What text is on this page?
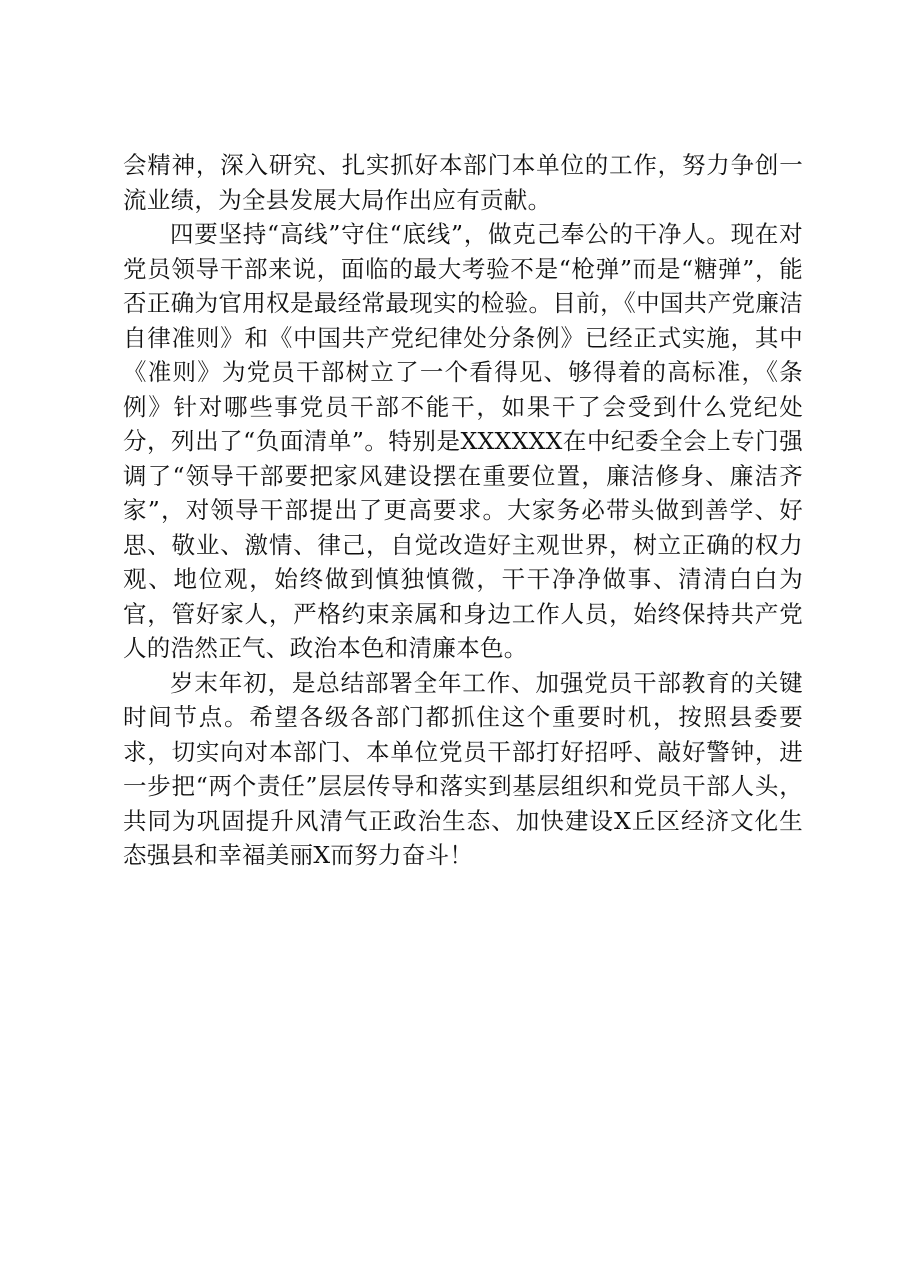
会精神，深入研究、扎实抓好本部门本单位的工作，努力争创一流业绩，为全县发展大局作出应有贡献。

四要坚持“高线”守住“底线”，做克己奉公的干净人。现在对党员领导干部来说，面临的最大考验不是“枪弹”而是“糖弹”，能否正确为官用权是最经常最现实的检验。目前，《中国共产党廉洁自律准则》和《中国共产党纪律处分条例》已经正式实施，其中《准则》为党员干部树立了一个看得见、够得着的高标准，《条例》针对哪些事党员干部不能干，如果干了会受到什么党纪处分，列出了“负面清单”。特别是XXXXXX在中纪委全会上专门强调了“领导干部要把家风建设摆在重要位置，廉洁修身、廉洁齐家”，对领导干部提出了更高要求。大家务必带头做到善学、好思、敬业、激情、律己，自觉改造好主观世界，树立正确的权力观、地位观，始终做到慎独慎微，干干净净做事、清清白白为官，管好家人，严格约束亲属和身边工作人员，始终保持共产党人的浩然正气、政治本色和清廉本色。

岁末年初，是总结部署全年工作、加强党员干部教育的关键时间节点。希望各级各部门都抓住这个重要时机，按照县委要求，切实向对本部门、本单位党员干部打好招呼、敲好警钟，进一步把“两个责任”层层传导和落实到基层组织和党员干部人头，共同为巩固提升风清气正政治生态、加快建设X丘区经济文化生态强县和幸福美丽X而努力奋斗！
